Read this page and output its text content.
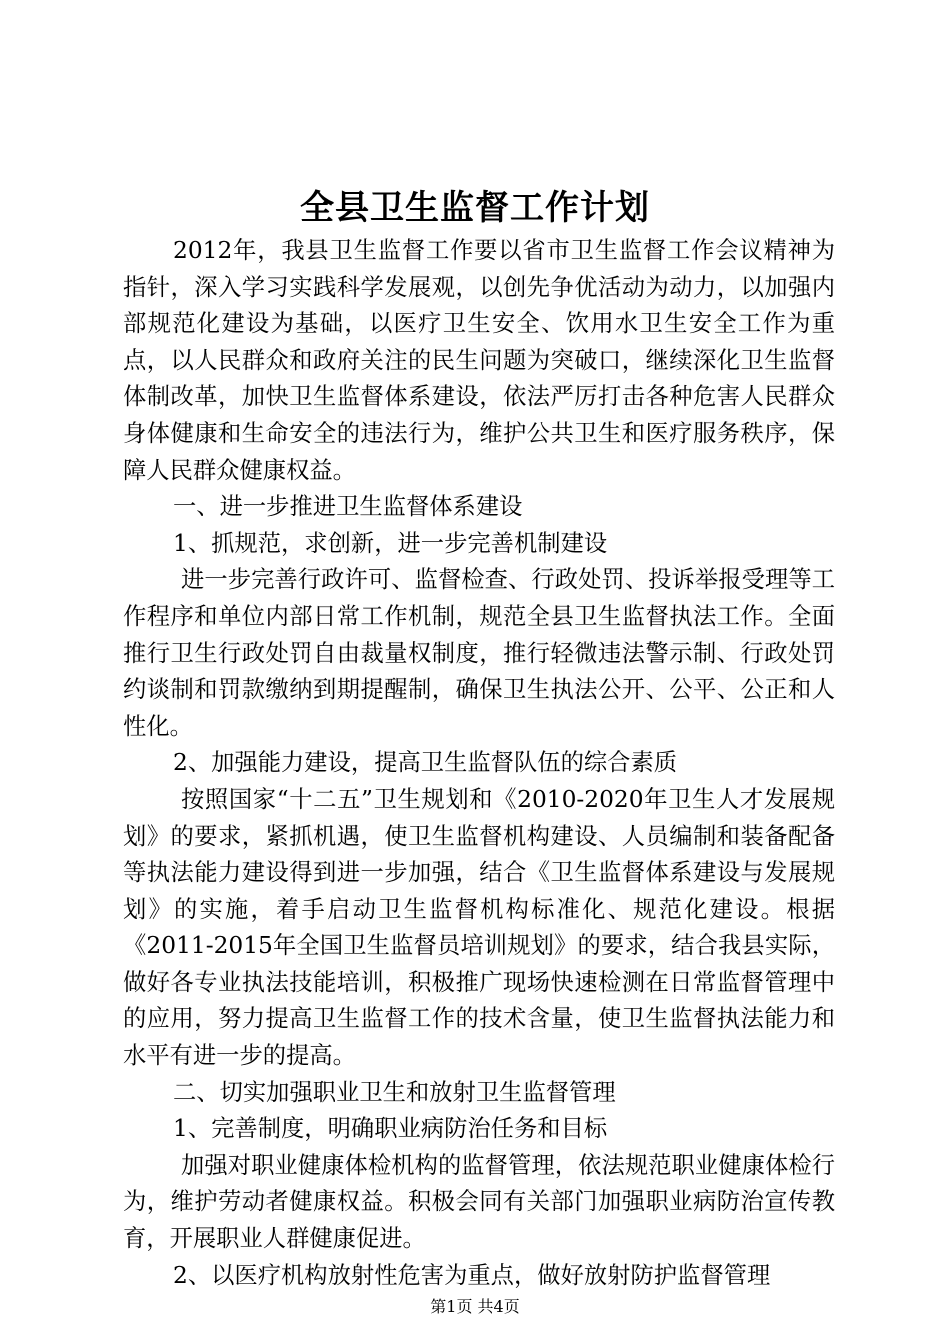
全县卫生监督工作计划

2012年，我县卫生监督工作要以省市卫生监督工作会议精神为指针，深入学习实践科学发展观，以创先争优活动为动力，以加强内部规范化建设为基础，以医疗卫生安全、饮用水卫生安全工作为重点，以人民群众和政府关注的民生问题为突破口，继续深化卫生监督体制改革，加快卫生监督体系建设，依法严厉打击各种危害人民群众身体健康和生命安全的违法行为，维护公共卫生和医疗服务秩序，保障人民群众健康权益。

一、进一步推进卫生监督体系建设

1、抓规范，求创新，进一步完善机制建设

进一步完善行政许可、监督检查、行政处罚、投诉举报受理等工作程序和单位内部日常工作机制，规范全县卫生监督执法工作。全面推行卫生行政处罚自由裁量权制度，推行轻微违法警示制、行政处罚约谈制和罚款缴纳到期提醒制，确保卫生执法公开、公平、公正和人性化。

2、加强能力建设，提高卫生监督队伍的综合素质

按照国家“十二五”卫生规划和《2010-2020年卫生人才发展规划》的要求，紧抓机遇，使卫生监督机构建设、人员编制和装备配备等执法能力建设得到进一步加强，结合《卫生监督体系建设与发展规划》的实施，着手启动卫生监督机构标准化、规范化建设。根据《2011-2015年全国卫生监督员培训规划》的要求，结合我县实际，做好各专业执法技能培训，积极推广现场快速检测在日常监督管理中的应用，努力提高卫生监督工作的技术含量，使卫生监督执法能力和水平有进一步的提高。

二、切实加强职业卫生和放射卫生监督管理

1、完善制度，明确职业病防治任务和目标

加强对职业健康体检机构的监督管理，依法规范职业健康体检行为，维护劳动者健康权益。积极会同有关部门加强职业病防治宣传教育，开展职业人群健康促进。

2、以医疗机构放射性危害为重点，做好放射防护监督管理

第1页 共4页
